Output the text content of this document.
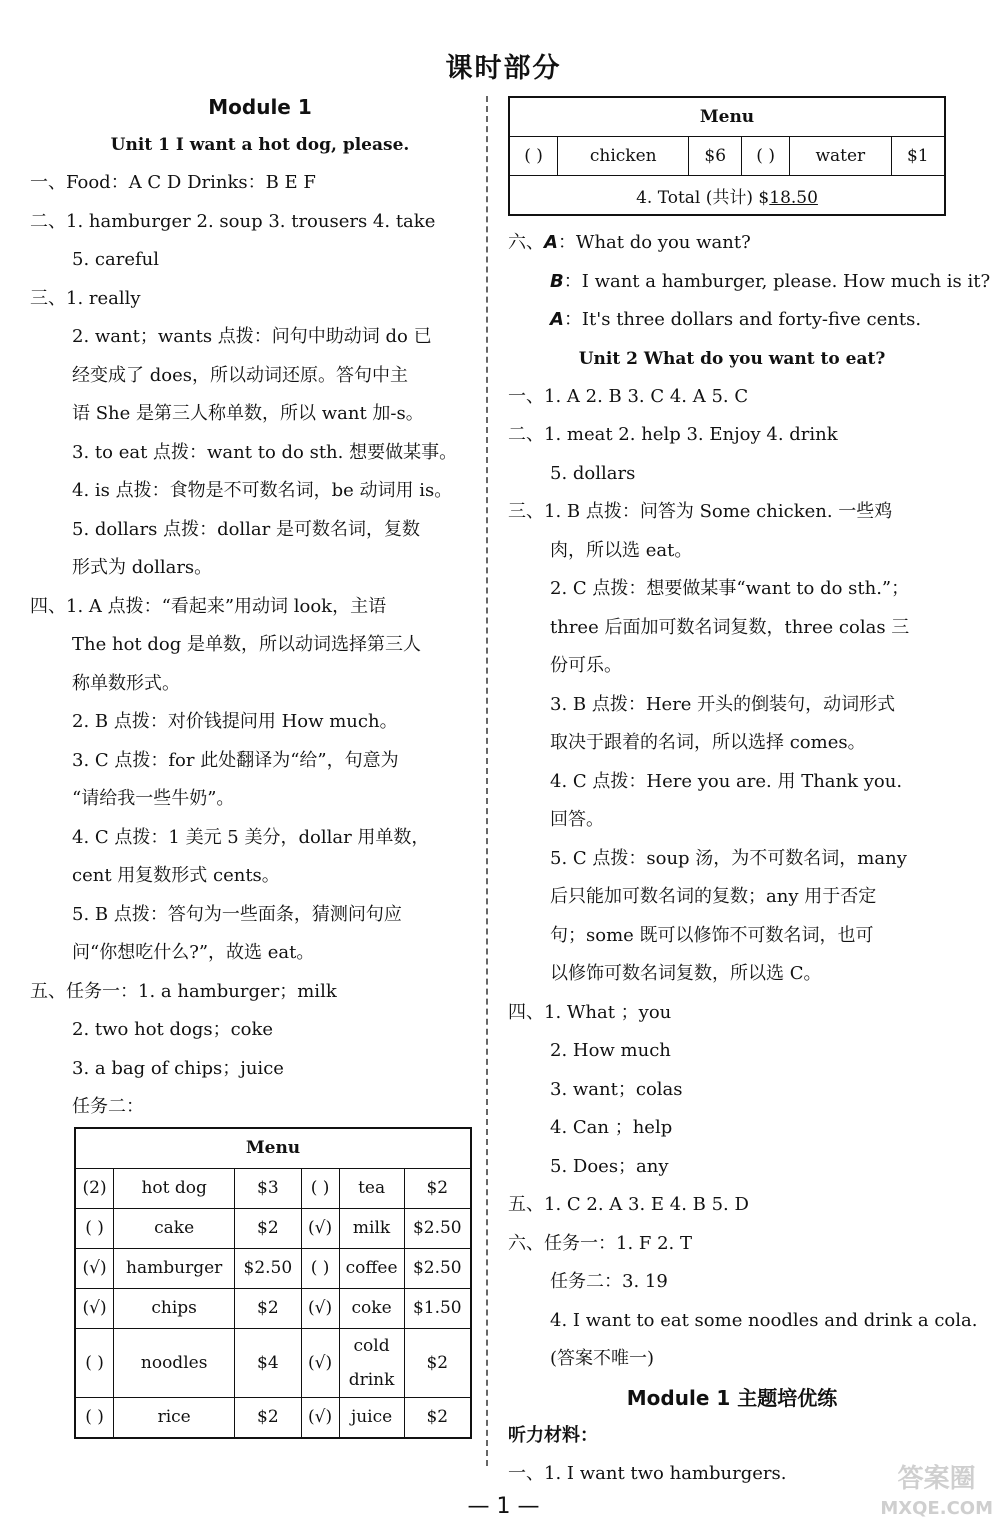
课时部分
Module 1
Unit 1 I want a hot dog, please.
一、Food：A C D Drinks：B E F
二、1. hamburger 2. soup 3. trousers 4. take
5. careful
三、1. really
2. want；wants 点拨：问句中助动词 do 已
经变成了 does，所以动词还原。答句中主
语 She 是第三人称单数，所以 want 加-s。
3. to eat 点拨：want to do sth. 想要做某事。
4. is 点拨：食物是不可数名词，be 动词用 is。
5. dollars 点拨：dollar 是可数名词，复数
形式为 dollars。
四、1. A 点拨：“看起来”用动词 look，主语
The hot dog 是单数，所以动词选择第三人
称单数形式。
2. B 点拨：对价钱提问用 How much。
3. C 点拨：for 此处翻译为“给”，句意为
“请给我一些牛奶”。
4. C 点拨：1 美元 5 美分，dollar 用单数，
cent 用复数形式 cents。
5. B 点拨：答句为一些面条，猜测问句应
问“你想吃什么?”，故选 eat。
五、任务一：1. a hamburger；milk
2. two hot dogs；coke
3. a bag of chips；juice
任务二：
Menu					
(2)	hot dog	$3	( )	tea	$2
( )	cake	$2	(√)	milk	$2.50
(√)	hamburger	$2.50	( )	coffee	$2.50
(√)	chips	$2	(√)	coke	$1.50
( )	noodles	$4	(√)	cold drink	$2
( )	rice	$2	(√)	juice	$2
Menu
( )	chicken	$6	( )	water	$1
4. Total (共计) $18.50
六、A：What do you want?
B：I want a hamburger, please. How much is it?
A：It's three dollars and forty-five cents.
Unit 2 What do you want to eat?
一、1. A 2. B 3. C 4. A 5. C
二、1. meat 2. help 3. Enjoy 4. drink
5. dollars
三、1. B 点拨：问答为 Some chicken. 一些鸡
肉，所以选 eat。
2. C 点拨：想要做某事“want to do sth.”；
three 后面加可数名词复数，three colas 三
份可乐。
3. B 点拨：Here 开头的倒装句，动词形式
取决于跟着的名词，所以选择 comes。
4. C 点拨：Here you are. 用 Thank you.
回答。
5. C 点拨：soup 汤，为不可数名词，many
后只能加可数名词的复数；any 用于否定
句；some 既可以修饰不可数名词，也可
以修饰可数名词复数，所以选 C。
四、1. What ；you
2. How much
3. want；colas
4. Can ；help
5. Does；any
五、1. C 2. A 3. E 4. B 5. D
六、任务一：1. F 2. T
任务二：3. 19
4. I want to eat some noodles and drink a cola.
(答案不唯一)
Module 1 主题培优练
听力材料：
一、1. I want two hamburgers.
— 1 —
答案圈
MXQE.COM
